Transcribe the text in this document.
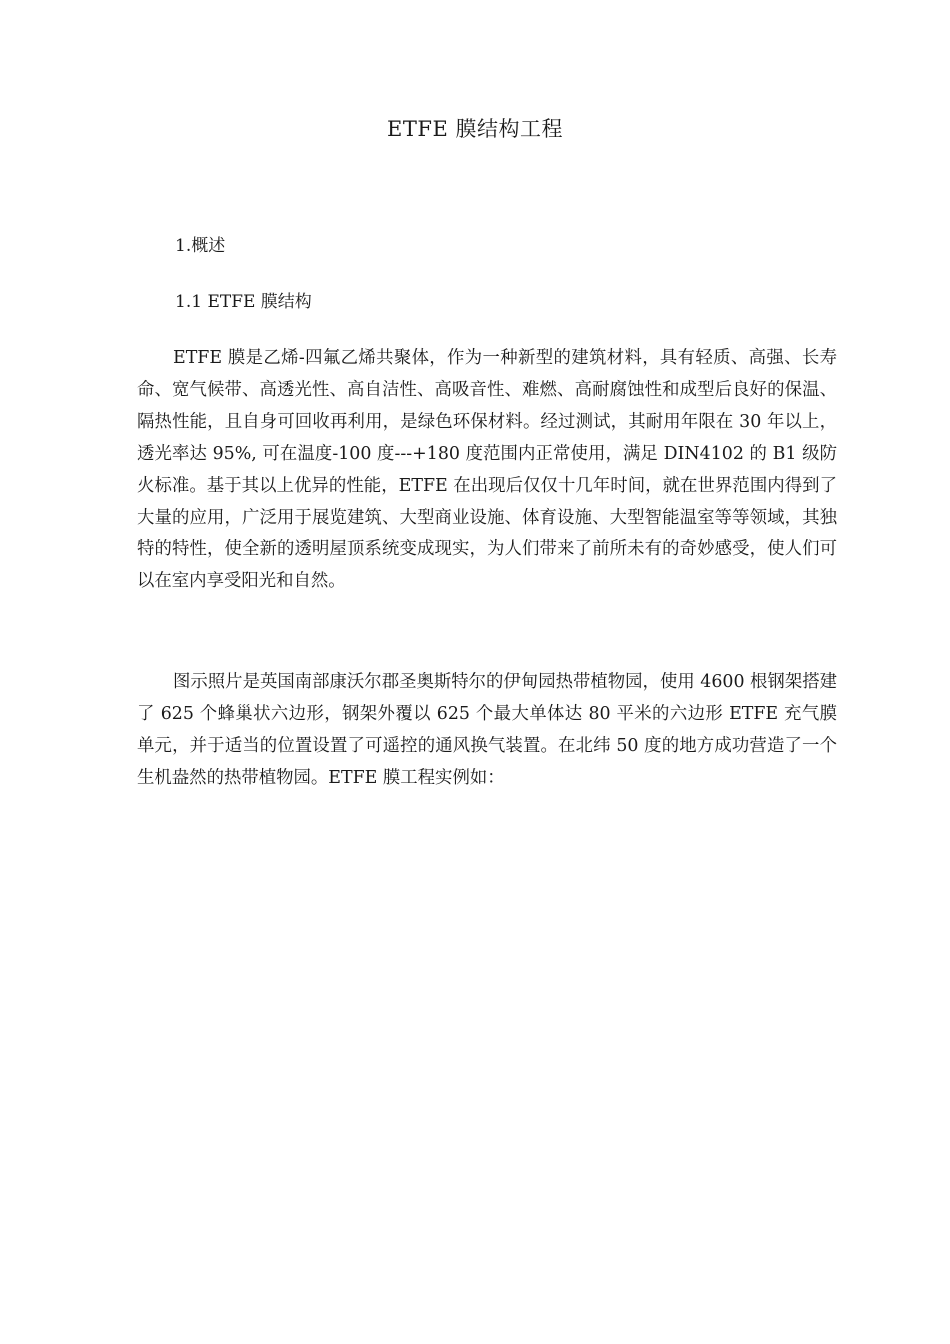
ETFE 膜结构工程

1.概述

1.1 ETFE 膜结构

ETFE 膜是乙烯-四氟乙烯共聚体，作为一种新型的建筑材料，具有轻质、高强、长寿命、宽气候带、高透光性、高自洁性、高吸音性、难燃、高耐腐蚀性和成型后良好的保温、隔热性能，且自身可回收再利用，是绿色环保材料。经过测试，其耐用年限在 30 年以上，透光率达 95%, 可在温度-100 度---+180 度范围内正常使用，满足 DIN4102 的 B1 级防火标准。基于其以上优异的性能，ETFE 在出现后仅仅十几年时间，就在世界范围内得到了大量的应用，广泛用于展览建筑、大型商业设施、体育设施、大型智能温室等等领域，其独特的特性，使全新的透明屋顶系统变成现实，为人们带来了前所未有的奇妙感受，使人们可以在室内享受阳光和自然。

图示照片是英国南部康沃尔郡圣奥斯特尔的伊甸园热带植物园，使用 4600 根钢架搭建了 625 个蜂巢状六边形，钢架外覆以 625 个最大单体达 80 平米的六边形 ETFE 充气膜单元，并于适当的位置设置了可遥控的通风换气装置。在北纬 50 度的地方成功营造了一个生机盎然的热带植物园。ETFE 膜工程实例如：
